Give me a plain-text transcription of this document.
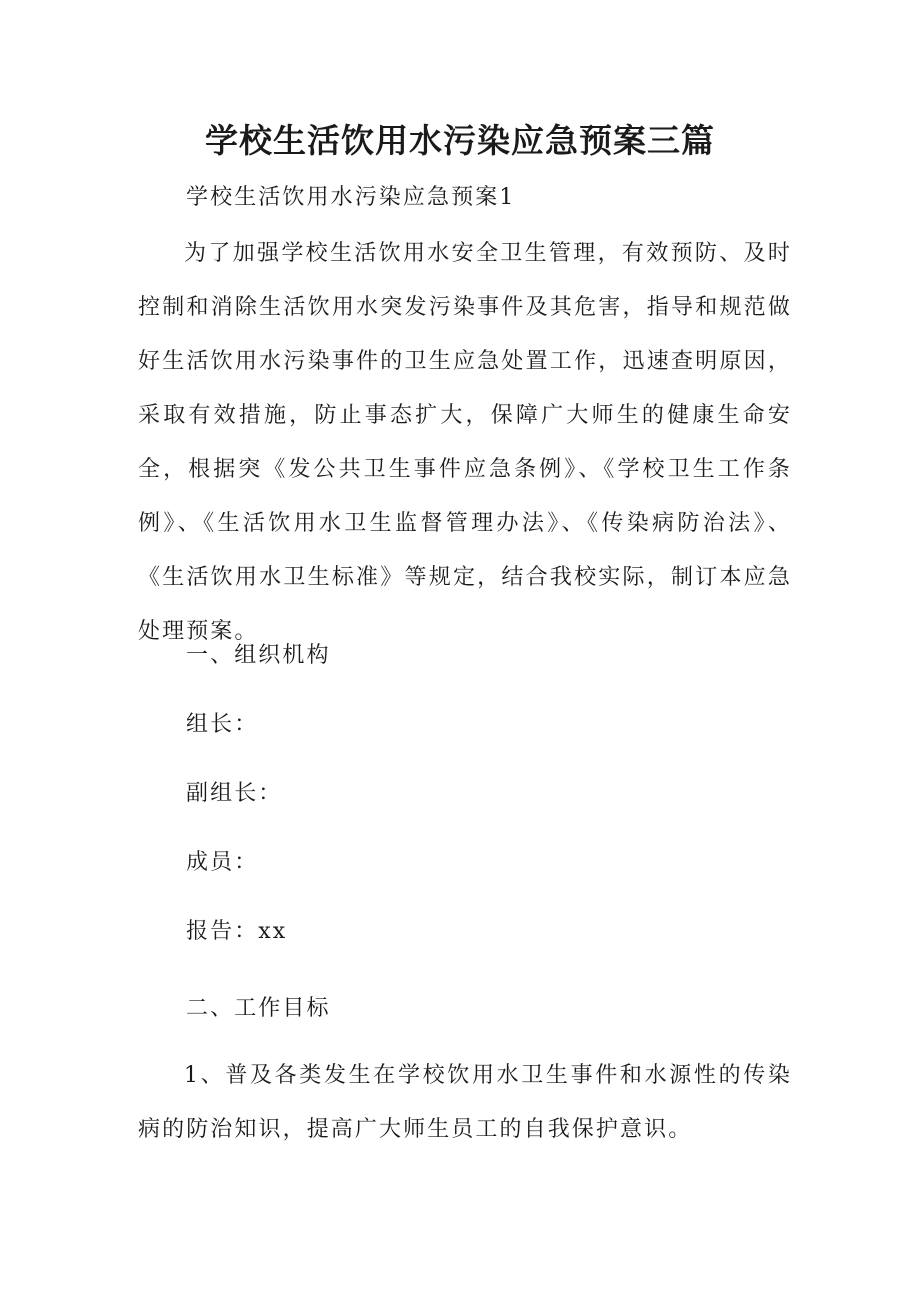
学校生活饮用水污染应急预案三篇

学校生活饮用水污染应急预案1

为了加强学校生活饮用水安全卫生管理，有效预防、及时控制和消除生活饮用水突发污染事件及其危害，指导和规范做好生活饮用水污染事件的卫生应急处置工作，迅速查明原因，采取有效措施，防止事态扩大，保障广大师生的健康生命安全，根据突《发公共卫生事件应急条例》、《学校卫生工作条例》、《生活饮用水卫生监督管理办法》、《传染病防治法》、《生活饮用水卫生标准》等规定，结合我校实际，制订本应急处理预案。

一、组织机构

组长：

副组长：

成员：

报告：xx

二、工作目标

1、普及各类发生在学校饮用水卫生事件和水源性的传染病的防治知识，提高广大师生员工的自我保护意识。
